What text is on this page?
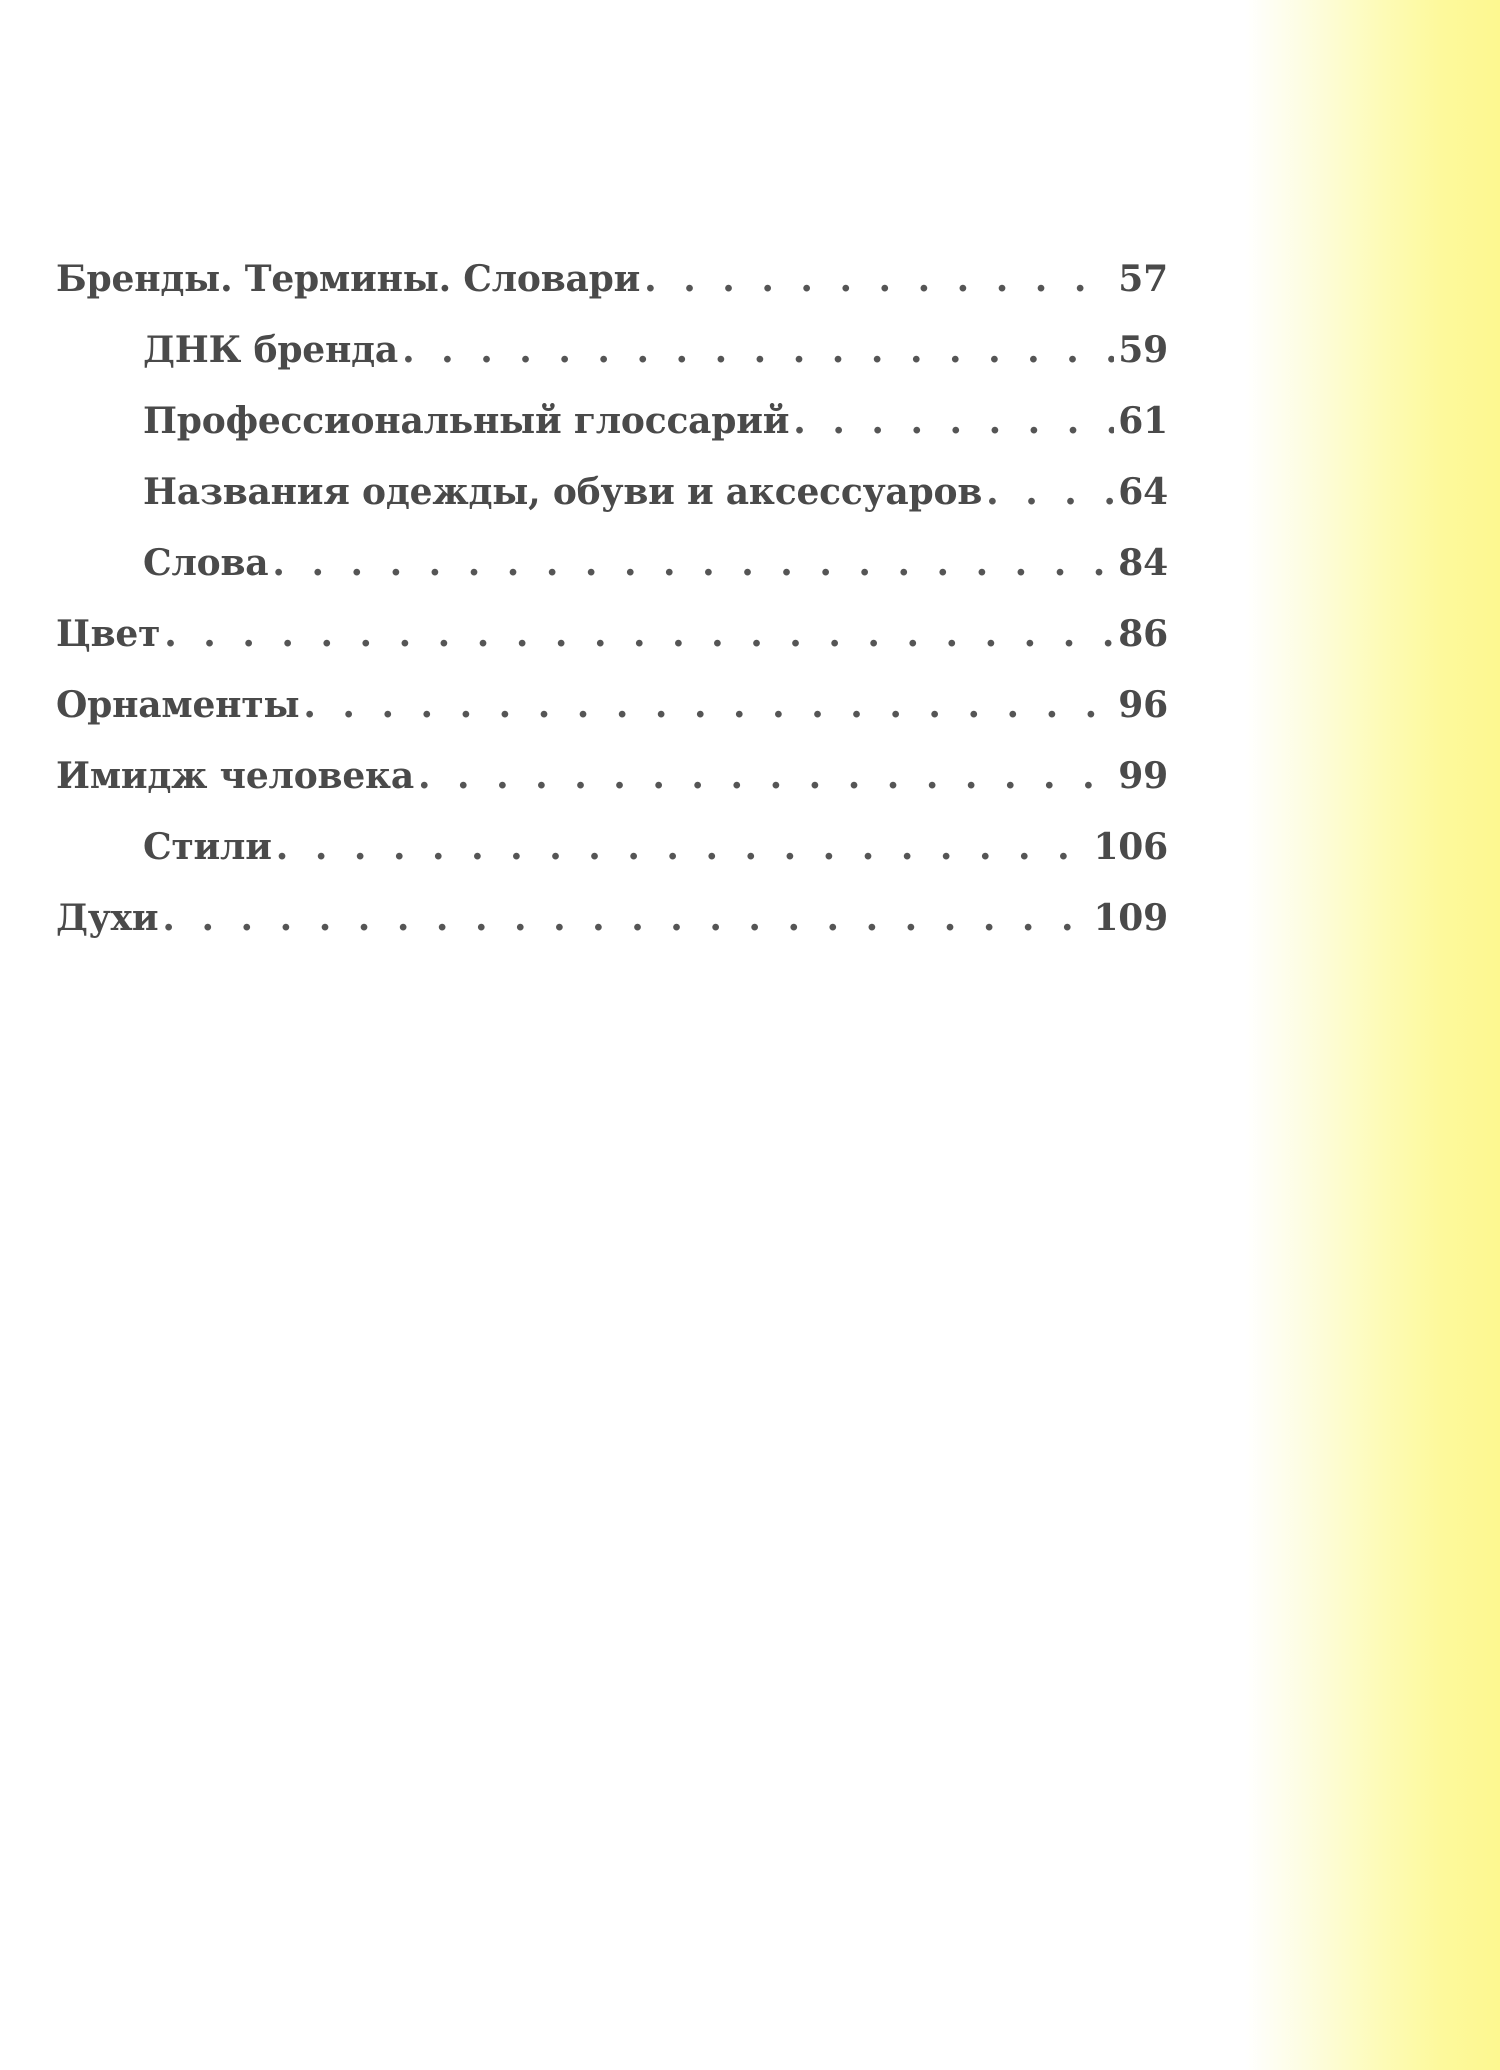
Бренды. Термины. Словари . . .	57
ДНК бренда . . .	59
Профессиональный глоссарий . . .	61
Названия одежды, обуви и аксессуаров . . .	64
Слова . . .	84
Цвет . . .	86
Орнаменты . . .	96
Имидж человека . . .	99
Стили . . .	106
Духи . . .	109
